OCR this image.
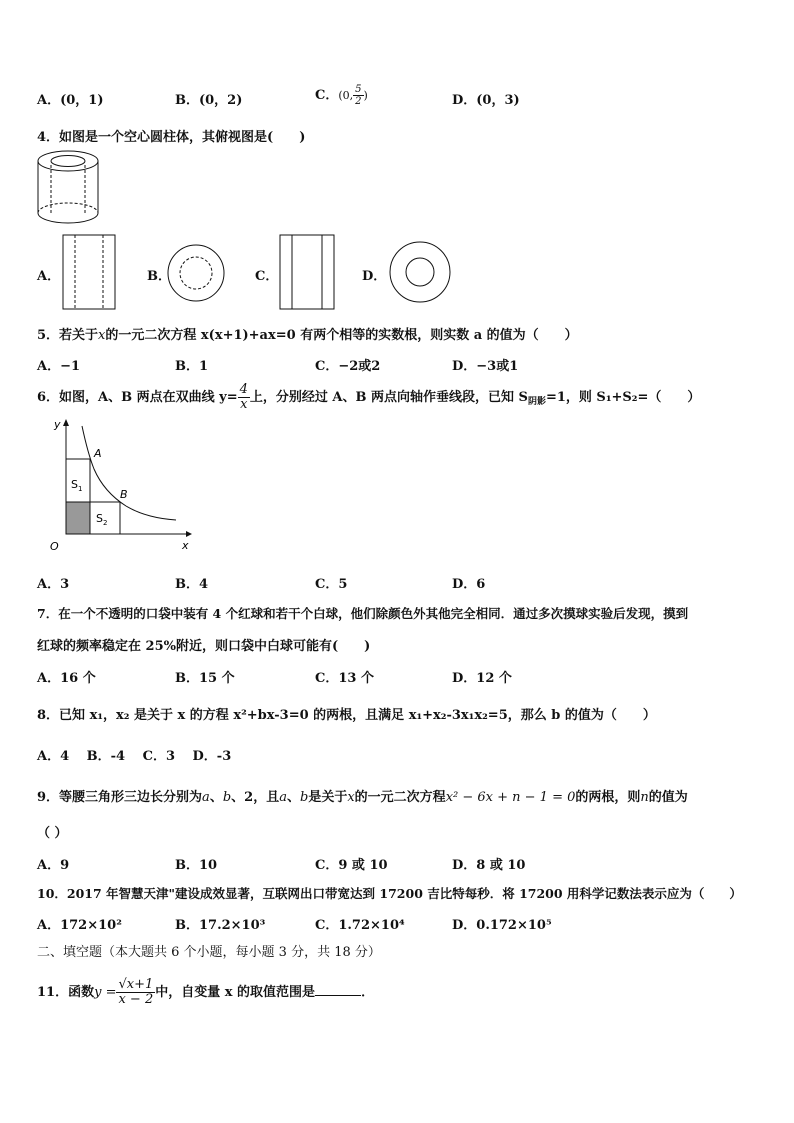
A．(0，1)	B．(0，2)	C．(0, $\frac{5}{2}$ )	D．(0，3)
4．如图是一个空心圆柱体，其俯视图是(　　)
A．	B．	C．	D．
5．若关于x的一元二次方程 x(x+1)+ax=0 有两个相等的实数根，则实数 a 的值为（　　）
A．−1	B．1	C．−2或2	D．−3或1
6．如图，A、B 两点在双曲线 $y= \frac{4}{x}$ 上，分别经过 A、B 两点向轴作垂线段，已知 $S_{阴影}=1$，则 S₁+S₂=（　　）
y
x
O
A
B
$S_1$
$S_2$
A．3	B．4	C．5	D．6
7．在一个不透明的口袋中装有 4 个红球和若干个白球，他们除颜色外其他完全相同．通过多次摸球实验后发现，摸到
红球的频率稳定在 25%附近，则口袋中白球可能有(　　)
A．16 个	B．15 个	C．13 个	D．12 个
8．已知 x₁，x₂ 是关于 x 的方程 x²+bx-3=0 的两根，且满足 x₁+x₂-3x₁x₂=5，那么 b 的值为（　　）
A．4　 B．-4　 C．3　 D．-3
9．等腰三角形三边长分别为a、b、2，且a、b是关于x的一元二次方程x² − 6x + n − 1 = 0的两根，则n的值为
（ ）
A．9	B．10	C．9 或 10	D．8 或 10
10．2017 年智慧天津"建设成效显著，互联网出口带宽达到 17200 吉比特每秒．将 17200 用科学记数法表示应为（　　）
A．172×10²	B．17.2×10³	C．1.72×10⁴	D．0.172×10⁵
二、填空题（本大题共 6 个小题，每小题 3 分，共 18 分）
11．函数$y = \frac{√x+1}{x - 2}$ 中，自变量 x 的取值范围是	．
